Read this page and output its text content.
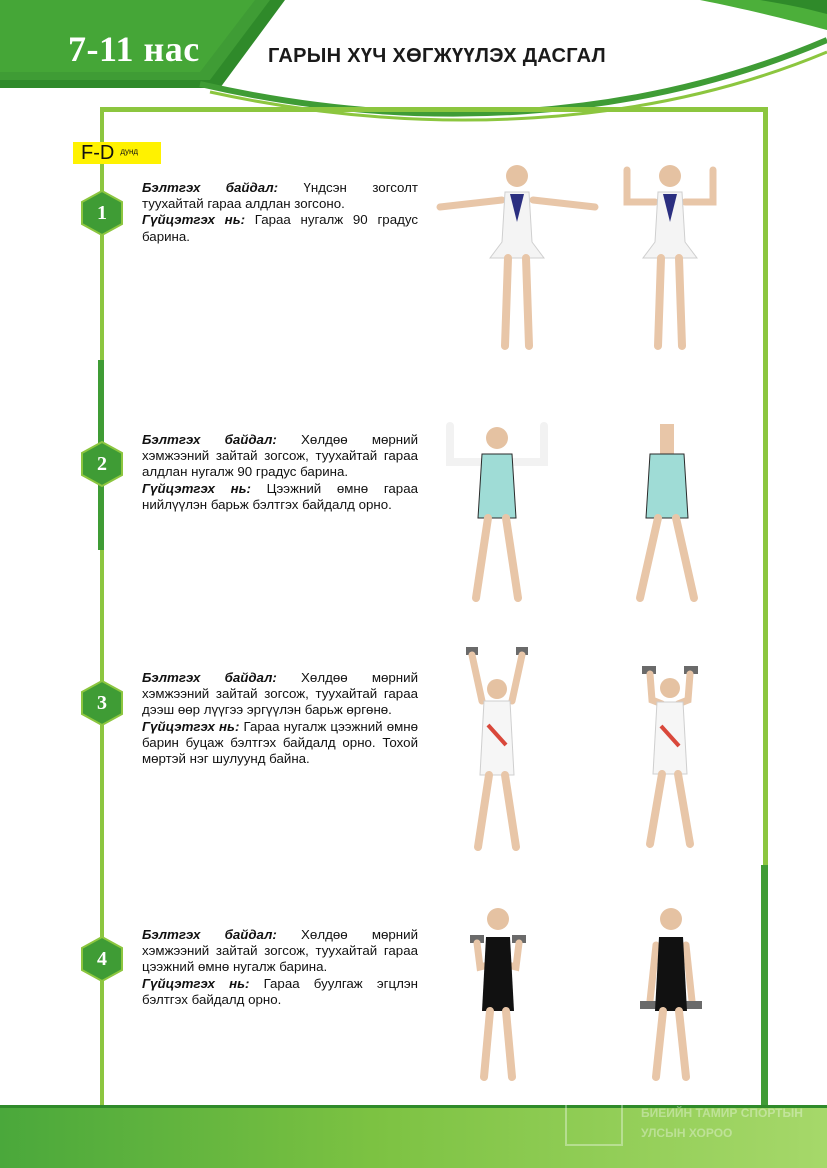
7-11 нас	ГАРЫН ХҮЧ ХӨГЖҮҮЛЭХ ДАСГАЛ
F-D дунд
1
Бэлтгэх байдал: Үндсэн зогсолт туухайтай гараа алдлан зогсоно.
Гүйцэтгэх нь: Гараа нугалж 90 градус барина.
2
Бэлтгэх байдал: Хөлдөө мөрний хэмжээний зайтай зогсож, туухайтай гараа алдлан нугалж 90 градус барина.
Гүйцэтгэх нь: Цээжний өмнө гараа нийлүүлэн барьж бэлтгэх байдалд орно.
3
Бэлтгэх байдал: Хөлдөө мөрний хэмжээний зайтай зогсож, туухайтай гараа дээш өөр лүүгээ эргүүлэн барьж өргөнө.
Гүйцэтгэх нь: Гараа нугалж цээжний өмнө барин буцаж бэлтгэх байдалд орно. Тохой мөртэй нэг шулуунд байна.
4
Бэлтгэх байдал: Хөлдөө мөрний хэмжээний зайтай зогсож, туухайтай гараа цээжний өмнө нугалж барина.
Гүйцэтгэх нь: Гараа буулгаж эгцлэн бэлтгэх байдалд орно.
БИЕИЙН ТАМИР СПОРТЫН
УЛСЫН ХОРОО
